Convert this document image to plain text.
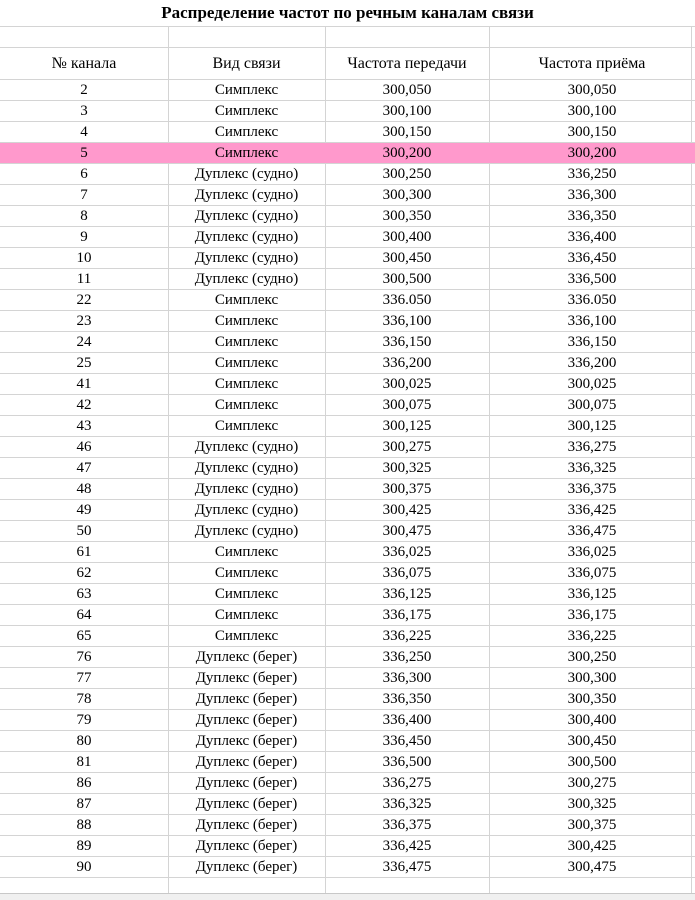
Распределение частот по речным каналам связи
№ канала	Вид связи	Частота передачи	Частота приёма
2	Симплекс	300,050	300,050
3	Симплекс	300,100	300,100
4	Симплекс	300,150	300,150
5	Симплекс	300,200	300,200
6	Дуплекс (судно)	300,250	336,250
7	Дуплекс (судно)	300,300	336,300
8	Дуплекс (судно)	300,350	336,350
9	Дуплекс (судно)	300,400	336,400
10	Дуплекс (судно)	300,450	336,450
11	Дуплекс (судно)	300,500	336,500
22	Симплекс	336.050	336.050
23	Симплекс	336,100	336,100
24	Симплекс	336,150	336,150
25	Симплекс	336,200	336,200
41	Симплекс	300,025	300,025
42	Симплекс	300,075	300,075
43	Симплекс	300,125	300,125
46	Дуплекс (судно)	300,275	336,275
47	Дуплекс (судно)	300,325	336,325
48	Дуплекс (судно)	300,375	336,375
49	Дуплекс (судно)	300,425	336,425
50	Дуплекс (судно)	300,475	336,475
61	Симплекс	336,025	336,025
62	Симплекс	336,075	336,075
63	Симплекс	336,125	336,125
64	Симплекс	336,175	336,175
65	Симплекс	336,225	336,225
76	Дуплекс (берег)	336,250	300,250
77	Дуплекс (берег)	336,300	300,300
78	Дуплекс (берег)	336,350	300,350
79	Дуплекс (берег)	336,400	300,400
80	Дуплекс (берег)	336,450	300,450
81	Дуплекс (берег)	336,500	300,500
86	Дуплекс (берег)	336,275	300,275
87	Дуплекс (берег)	336,325	300,325
88	Дуплекс (берег)	336,375	300,375
89	Дуплекс (берег)	336,425	300,425
90	Дуплекс (берег)	336,475	300,475
